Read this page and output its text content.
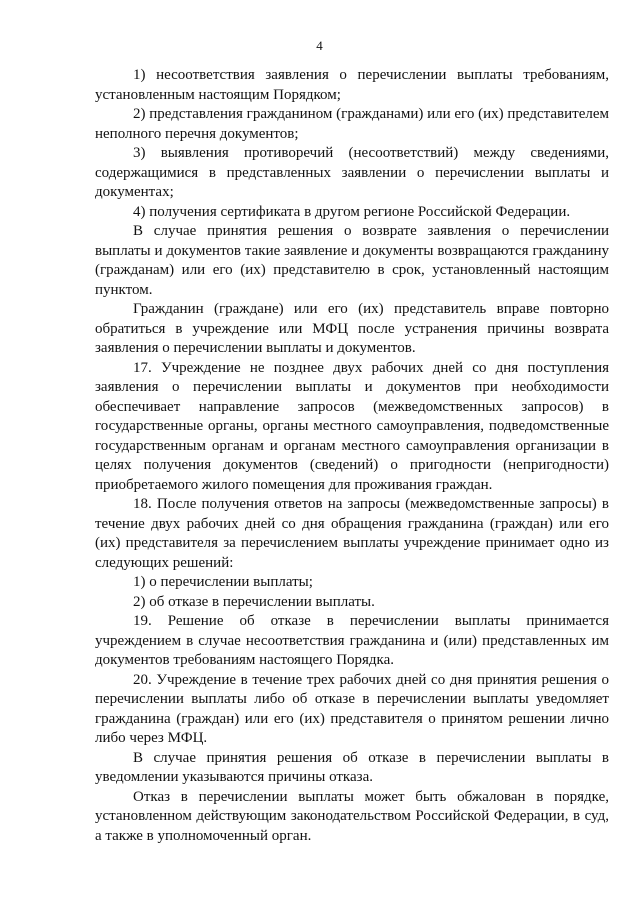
4

1) несоответствия заявления о перечислении выплаты требованиям, установленным настоящим Порядком;

2) представления гражданином (гражданами) или его (их) представителем неполного перечня документов;

3) выявления противоречий (несоответствий) между сведениями, содержащимися в представленных заявлении о перечислении выплаты и документах;

4) получения сертификата в другом регионе Российской Федерации.

В случае принятия решения о возврате заявления о перечислении выплаты и документов такие заявление и документы возвращаются гражданину (гражданам) или его (их) представителю в срок, установленный настоящим пунктом.

Гражданин (граждане) или его (их) представитель вправе повторно обратиться в учреждение или МФЦ после устранения причины возврата заявления о перечислении выплаты и документов.

17. Учреждение не позднее двух рабочих дней со дня поступления заявления о перечислении выплаты и документов при необходимости обеспечивает направление запросов (межведомственных запросов) в государственные органы, органы местного самоуправления, подведомственные государственным органам и органам местного самоуправления организации в целях получения документов (сведений) о пригодности (непригодности) приобретаемого жилого помещения для проживания граждан.

18. После получения ответов на запросы (межведомственные запросы) в течение двух рабочих дней со дня обращения гражданина (граждан) или его (их) представителя за перечислением выплаты учреждение принимает одно из следующих решений:

1) о перечислении выплаты;

2) об отказе в перечислении выплаты.

19. Решение об отказе в перечислении выплаты принимается учреждением в случае несоответствия гражданина и (или) представленных им документов требованиям настоящего Порядка.

20. Учреждение в течение трех рабочих дней со дня принятия решения о перечислении выплаты либо об отказе в перечислении выплаты уведомляет гражданина (граждан) или его (их) представителя о принятом решении лично либо через МФЦ.

В случае принятия решения об отказе в перечислении выплаты в уведомлении указываются причины отказа.

Отказ в перечислении выплаты может быть обжалован в порядке, установленном действующим законодательством Российской Федерации, в суд, а также в уполномоченный орган.
